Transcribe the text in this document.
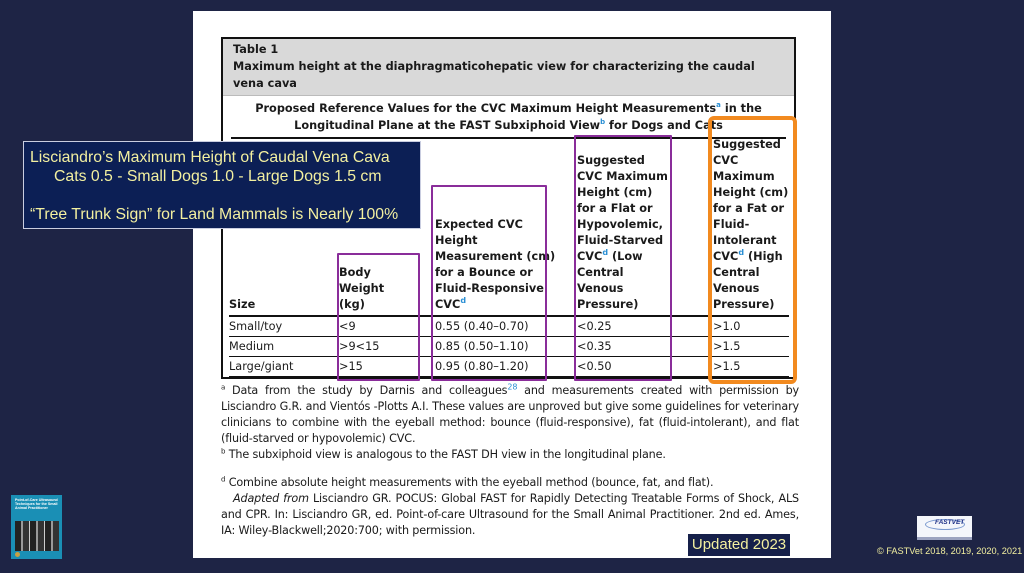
Table 1
Maximum height at the diaphragmaticohepatic view for characterizing the caudal vena cava
Proposed Reference Values for the CVC Maximum Height Measurements$^a$ in the Longitudinal Plane at the FAST Subxiphoid View$^b$ for Dogs and Cats
Size	Body Weight (kg)	Expected CVC Height Measurement (cm) for a Bounce or Fluid-Responsive CVC$^d$	Suggested CVC Maximum Height (cm) for a Flat or Hypovolemic, Fluid-Starved CVC$^d$ (Low Central Venous Pressure)	Suggested CVC Maximum Height (cm) for a Fat or Fluid-Intolerant CVC$^d$ (High Central Venous Pressure)
Small/toy	<9	0.55 (0.40–0.70)	<0.25	>1.0
Medium	>9<15	0.85 (0.50–1.10)	<0.35	>1.5
Large/giant	>15	0.95 (0.80–1.20)	<0.50	>1.5

$^a$ Data from the study by Darnis and colleagues$^{28}$ and measurements created with permission by Lisciandro G.R. and Vientós -Plotts A.I. These values are unproved but give some guidelines for veterinary clinicians to combine with the eyeball method: bounce (fluid-responsive), fat (fluid-intolerant), and flat (fluid-starved or hypovolemic) CVC.

$^b$ The subxiphoid view is analogous to the FAST DH view in the longitudinal plane.

$^d$ Combine absolute height measurements with the eyeball method (bounce, fat, and flat).

Adapted from Lisciandro GR. POCUS: Global FAST for Rapidly Detecting Treatable Forms of Shock, ALS and CPR. In: Lisciandro GR, ed. Point-of-care Ultrasound for the Small Animal Practitioner. 2nd ed. Ames, IA: Wiley-Blackwell;2020:700; with permission.

Lisciandro’s Maximum Height of Caudal Vena Cava
Cats 0.5 - Small Dogs 1.0 - Large Dogs 1.5 cm
“Tree Trunk Sign” for Land Mammals is Nearly 100%
Updated 2023
Point-of-Care Ultrasound Techniques for the Small Animal Practitioner
FASTVET
© FASTVet 2018, 2019, 2020, 2021
